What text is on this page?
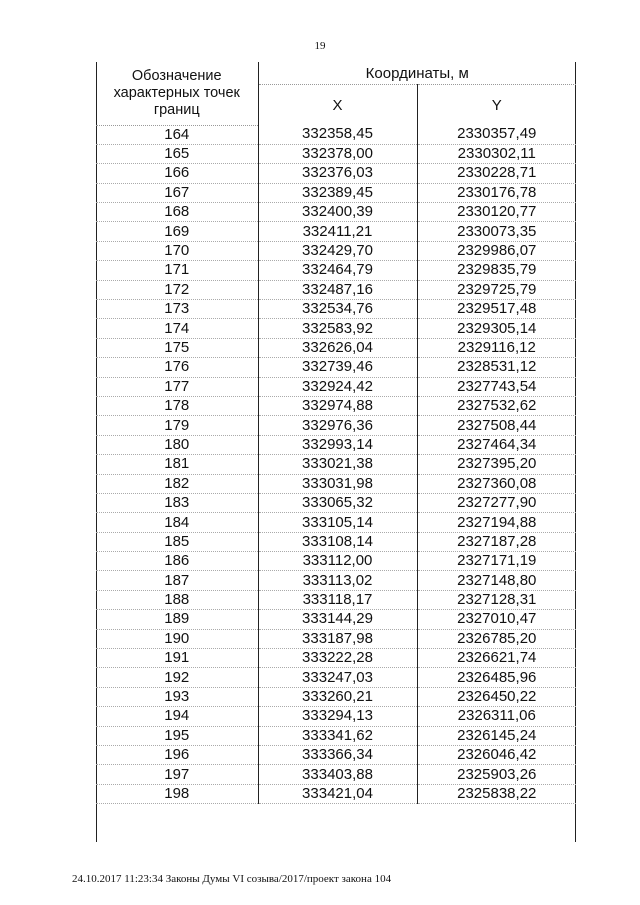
19
Обозначение характерных точек границ	Координаты, м	
	X	Y
164	332358,45	2330357,49
165	332378,00	2330302,11
166	332376,03	2330228,71
167	332389,45	2330176,78
168	332400,39	2330120,77
169	332411,21	2330073,35
170	332429,70	2329986,07
171	332464,79	2329835,79
172	332487,16	2329725,79
173	332534,76	2329517,48
174	332583,92	2329305,14
175	332626,04	2329116,12
176	332739,46	2328531,12
177	332924,42	2327743,54
178	332974,88	2327532,62
179	332976,36	2327508,44
180	332993,14	2327464,34
181	333021,38	2327395,20
182	333031,98	2327360,08
183	333065,32	2327277,90
184	333105,14	2327194,88
185	333108,14	2327187,28
186	333112,00	2327171,19
187	333113,02	2327148,80
188	333118,17	2327128,31
189	333144,29	2327010,47
190	333187,98	2326785,20
191	333222,28	2326621,74
192	333247,03	2326485,96
193	333260,21	2326450,22
194	333294,13	2326311,06
195	333341,62	2326145,24
196	333366,34	2326046,42
197	333403,88	2325903,26
198	333421,04	2325838,22
24.10.2017 11:23:34 Законы Думы VI созыва/2017/проект закона 104
